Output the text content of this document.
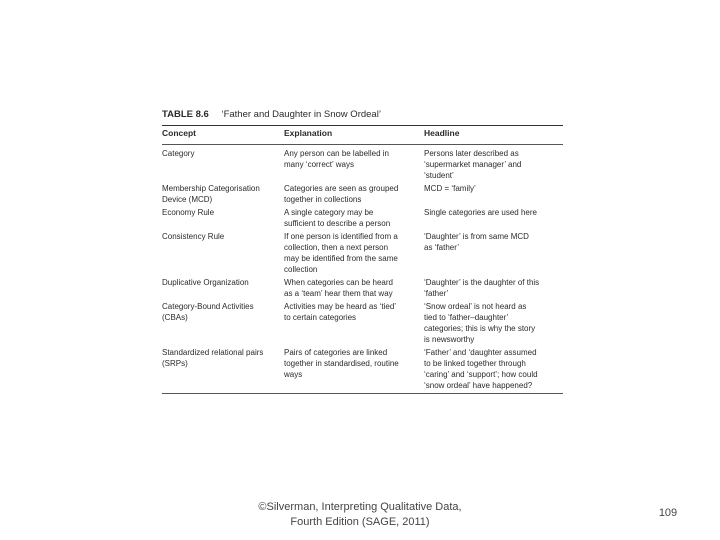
TABLE 8.6 ‘Father and Daughter in Snow Ordeal’
Concept	Explanation	Headline

Category	Any person can be labelled in
many ‘correct’ ways	Persons later described as
‘supermarket manager’ and
‘student’

Membership Categorisation
Device (MCD)	Categories are seen as grouped
together in collections	MCD = ‘family’

Economy Rule	A single category may be
sufficient to describe a person	Single categories are used here

Consistency Rule	If one person is identified from a
collection, then a next person
may be identified from the same
collection	‘Daughter’ is from same MCD
as ‘father’

Duplicative Organization	When categories can be heard
as a ‘team’ hear them that way	‘Daughter’ is the daughter of this
‘father’

Category-Bound Activities
(CBAs)	Activities may be heard as ‘tied’
to certain categories	‘Snow ordeal’ is not heard as
tied to ‘father–daughter’
categories; this is why the story
is newsworthy

Standardized relational pairs
(SRPs)	Pairs of categories are linked
together in standardised, routine
ways	‘Father’ and ‘daughter assumed
to be linked together through
‘caring’ and ‘support’; how could
‘snow ordeal’ have happened?
©Silverman, Interpreting Qualitative Data,
Fourth Edition (SAGE, 2011)
109
